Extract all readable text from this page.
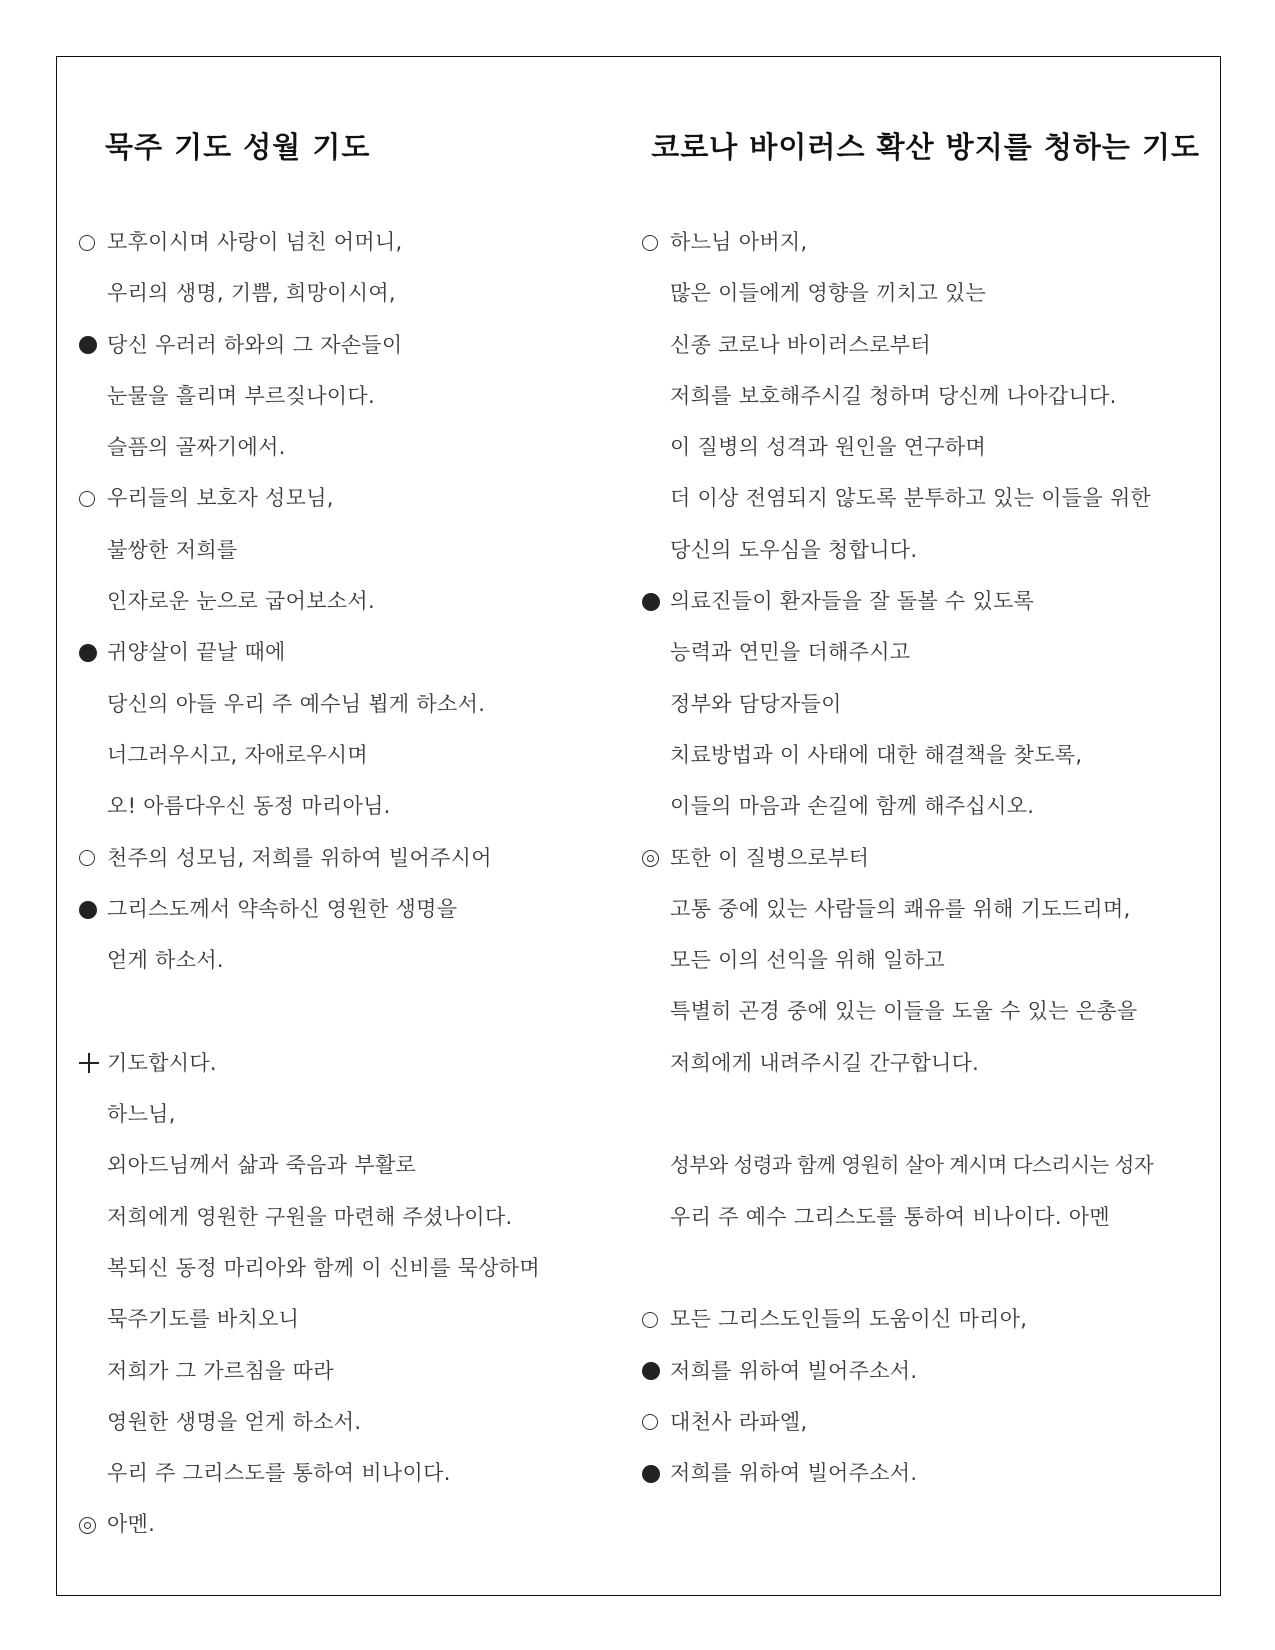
묵주 기도 성월 기도
모후이시며 사랑이 넘친 어머니,
우리의 생명, 기쁨, 희망이시여,
당신 우러러 하와의 그 자손들이
눈물을 흘리며 부르짖나이다.
슬픔의 골짜기에서.
우리들의 보호자 성모님,
불쌍한 저희를
인자로운 눈으로 굽어보소서.
귀양살이 끝날 때에
당신의 아들 우리 주 예수님 뵙게 하소서.
너그러우시고, 자애로우시며
오! 아름다우신 동정 마리아님.
천주의 성모님, 저희를 위하여 빌어주시어
그리스도께서 약속하신 영원한 생명을
얻게 하소서.
기도합시다.
하느님,
외아드님께서 삶과 죽음과 부활로
저희에게 영원한 구원을 마련해 주셨나이다.
복되신 동정 마리아와 함께 이 신비를 묵상하며
묵주기도를 바치오니
저희가 그 가르침을 따라
영원한 생명을 얻게 하소서.
우리 주 그리스도를 통하여 비나이다.
아멘.
코로나 바이러스 확산 방지를 청하는 기도
하느님 아버지,
많은 이들에게 영향을 끼치고 있는
신종 코로나 바이러스로부터
저희를 보호해주시길 청하며 당신께 나아갑니다.
이 질병의 성격과 원인을 연구하며
더 이상 전염되지 않도록 분투하고 있는 이들을 위한
당신의 도우심을 청합니다.
의료진들이 환자들을 잘 돌볼 수 있도록
능력과 연민을 더해주시고
정부와 담당자들이
치료방법과 이 사태에 대한 해결책을 찾도록,
이들의 마음과 손길에 함께 해주십시오.
또한 이 질병으로부터
고통 중에 있는 사람들의 쾌유를 위해 기도드리며,
모든 이의 선익을 위해 일하고
특별히 곤경 중에 있는 이들을 도울 수 있는 은총을
저희에게 내려주시길 간구합니다.
성부와 성령과 함께 영원히 살아 계시며 다스리시는 성자
우리 주 예수 그리스도를 통하여 비나이다. 아멘
모든 그리스도인들의 도움이신 마리아,
저희를 위하여 빌어주소서.
대천사 라파엘,
저희를 위하여 빌어주소서.
